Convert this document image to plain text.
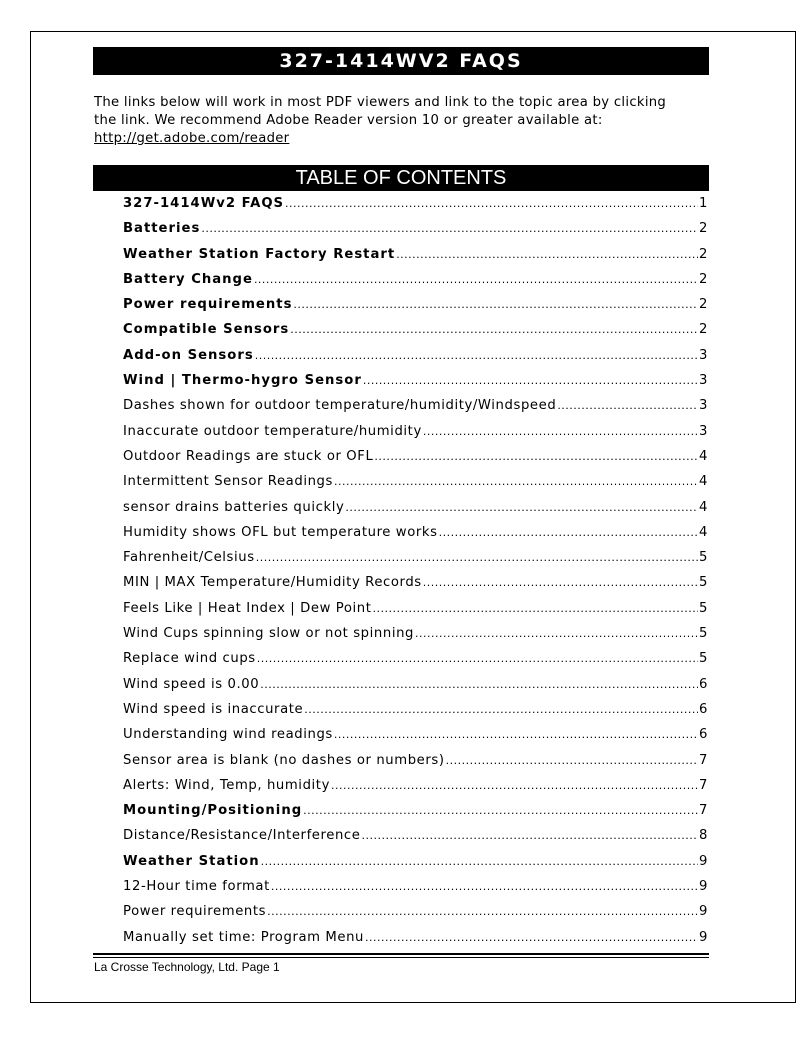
327-1414WV2 FAQS
The links below will work in most PDF viewers and link to the topic area by clicking
the link. We recommend Adobe Reader version 10 or greater available at:
http://get.adobe.com/reader
TABLE OF CONTENTS
327-1414Wv2 FAQS .....	1
Batteries .....	2
Weather Station Factory Restart .....	2
Battery Change .....	2
Power requirements .....	2
Compatible Sensors .....	2
Add-on Sensors .....	3
Wind | Thermo-hygro Sensor .....	3
Dashes shown for outdoor temperature/humidity/Windspeed .....	3
Inaccurate outdoor temperature/humidity .....	3
Outdoor Readings are stuck or OFL .....	4
Intermittent Sensor Readings .....	4
sensor drains batteries quickly .....	4
Humidity shows OFL but temperature works .....	4
Fahrenheit/Celsius .....	5
MIN | MAX Temperature/Humidity Records .....	5
Feels Like | Heat Index | Dew Point .....	5
Wind Cups spinning slow or not spinning .....	5
Replace wind cups .....	5
Wind speed is 0.00 .....	6
Wind speed is inaccurate .....	6
Understanding wind readings .....	6
Sensor area is blank (no dashes or numbers) .....	7
Alerts: Wind, Temp, humidity .....	7
Mounting/Positioning .....	7
Distance/Resistance/Interference .....	8
Weather Station .....	9
12-Hour time format .....	9
Power requirements .....	9
Manually set time: Program Menu .....	9
La Crosse Technology, Ltd. Page 1
